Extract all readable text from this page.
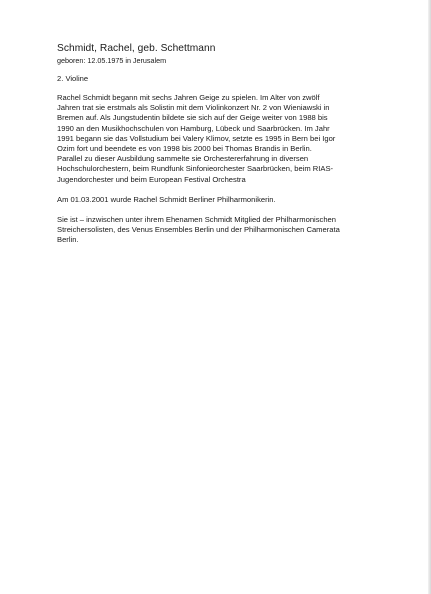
Schmidt, Rachel, geb. Schettmann

geboren: 12.05.1975 in Jerusalem

2. Violine

Rachel Schmidt begann mit sechs Jahren Geige zu spielen. Im Alter von zwölf
Jahren trat sie erstmals als Solistin mit dem Violinkonzert Nr. 2 von Wieniawski in
Bremen auf. Als Jungstudentin bildete sie sich auf der Geige weiter von 1988 bis
1990 an den Musikhochschulen von Hamburg, Lübeck und Saarbrücken. Im Jahr
1991 begann sie das Vollstudium bei Valery Klimov, setzte es 1995 in Bern bei Igor
Ozim fort und beendete es von 1998 bis 2000 bei Thomas Brandis in Berlin.
Parallel zu dieser Ausbildung sammelte sie Orchestererfahrung in diversen
Hochschulorchestern, beim Rundfunk Sinfonieorchester Saarbrücken, beim RIAS-
Jugendorchester und beim European Festival Orchestra

Am 01.03.2001 wurde Rachel Schmidt Berliner Philharmonikerin.

Sie ist – inzwischen unter ihrem Ehenamen Schmidt Mitglied der Philharmonischen
Streichersolisten, des Venus Ensembles Berlin und der Philharmonischen Camerata
Berlin.
